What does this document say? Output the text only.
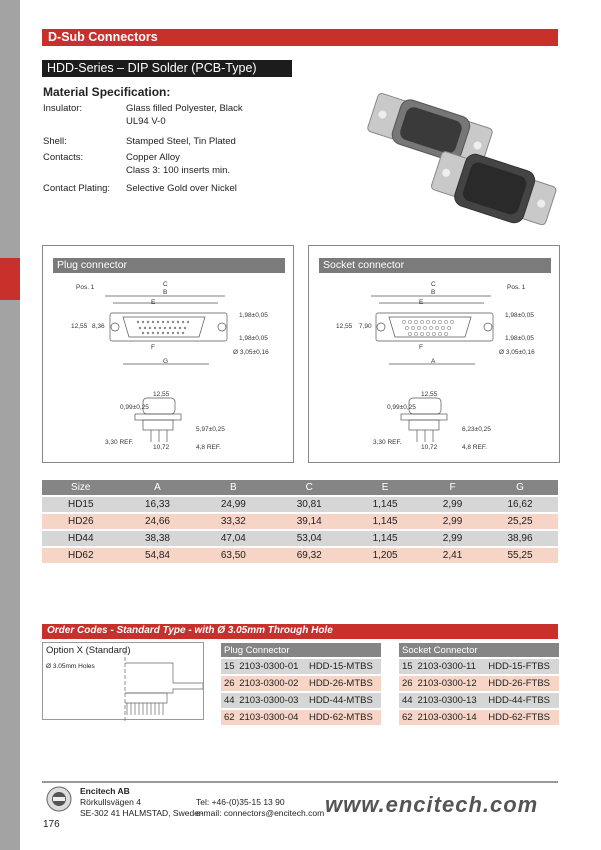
D-Sub Connectors
HDD-Series – DIP Solder (PCB-Type)
Material Specification:
Insulator:	Glass filled Polyester, Black
UL94 V-0
Shell:	Stamped Steel, Tin Plated
Contacts:	Copper Alloy
Class 3: 100 inserts min.
Contact Plating: Selective Gold over Nickel
Plug connector
Pos. 1	C
B
E
F
G
12,55 8,36
1,98±0,05
1,98±0,05
Ø 3,05±0,16
12,55
0,99±0,25
5,97±0,25
3,30 REF.
4,8 REF.
10,72
Socket connector
Pos. 1
C
B
E
F
A
12,55 7,90
1,98±0,05
1,98±0,05
Ø 3,05±0,16
12,55
0,99±0,25
6,23±0,25
3,30 REF.
4,8 REF.
10,72
Size	A	B	C	E	F	G
HD15	16,33	24,99	30,81	1,145	2,99	16,62
HD26	24,66	33,32	39,14	1,145	2,99	25,25
HD44	38,38	47,04	53,04	1,145	2,99	38,96
HD62	54,84	63,50	69,32	1,205	2,41	55,25
Order Codes - Standard Type - with Ø 3.05mm Through Hole
Option X (Standard)
Ø 3.05mm Holes
Plug Connector		
15	2103-0300-01	HDD-15-MTBS
26	2103-0300-02	HDD-26-MTBS
44	2103-0300-03	HDD-44-MTBS
62	2103-0300-04	HDD-62-MTBS
Socket Connector		
15	2103-0300-11	HDD-15-FTBS
26	2103-0300-12	HDD-26-FTBS
44	2103-0300-13	HDD-44-FTBS
62	2103-0300-14	HDD-62-FTBS
Encitech AB
Rörkullsvägen 4
SE-302 41 HALMSTAD, Sweden
Tel: +46-(0)35-15 13 90
e-mail: connectors@encitech.com www.encitech.com
176
